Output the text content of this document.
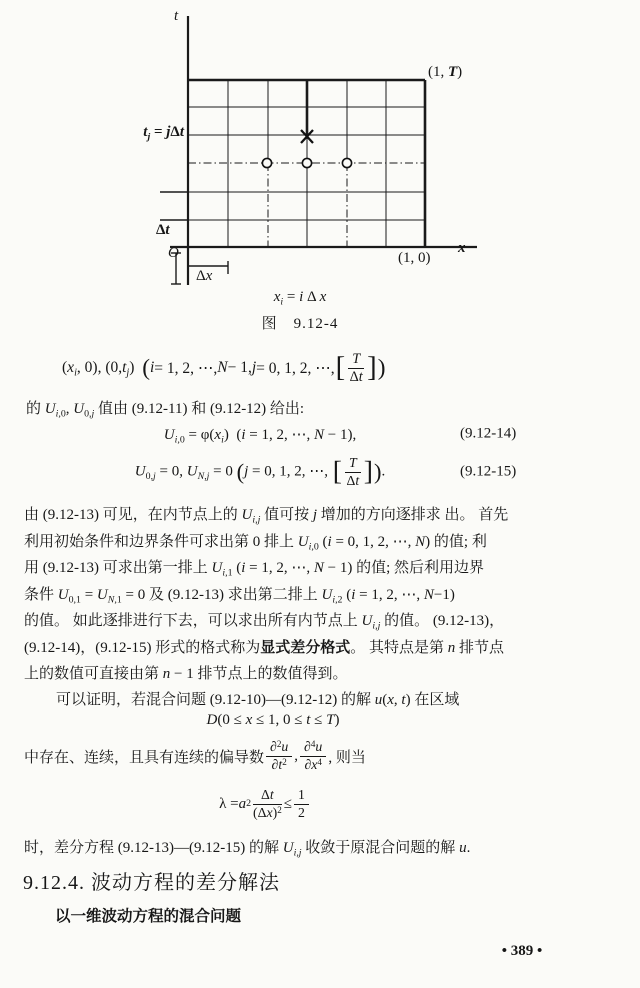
t
x
(1, T)
(1, 0)
$t_j = j\Delta t$
Δt
O
Δx
$x_i = i$ Δ x
图　9.12-4
( $x_i$ , 0), (0, $t_j$ ) ( i = 1, 2, ⋯, N − 1, j = 0, 1, 2, ⋯, [ $\frac{T}{\Delta t}$ ] )
的 $U_{i,0}$, $U_{0,j}$ 值由 (9.12-11) 和 (9.12-12) 给出:
$U_{i,0} = \varphi(x_i) (i = 1$, 2, ⋯, N − 1),	(9.12-14)
$U_{0,j} = 0$, $U_{N,j} = 0$ (j = 0, 1, 2, ⋯, [ $\frac{T}{\Delta t}$ ]).	(9.12-15)
由 (9.12-13) 可见，在内节点上的 $U_{i,j}$ 值可按 j 增加的方向逐排求 出。 首先
利用初始条件和边界条件可求出第 0 排上 $U_{i,0}$ (i = 0, 1, 2, ⋯, N) 的值; 利
用 (9.12-13) 可求出第一排上 $U_{i,1}$ (i = 1, 2, ⋯, N − 1) 的值; 然后利用边界
条件 $U_{0,1} = U_{N,1} = 0$ 及 (9.12-13) 求出第二排上 $U_{i,2}$ (i = 1, 2, ⋯, N−1)
的值。 如此逐排进行下去，可以求出所有内节点上 $U_{i,j}$ 的值。 (9.12-13)，
(9.12-14)，(9.12-15) 形式的格式称为显式差分格式。 其特点是第 n 排节点
上的数值可直接由第 n − 1 排节点上的数值得到。
可以证明，若混合问题 (9.12-10)—(9.12-12) 的解 u(x, t) 在区域
D(0 ≤ x ≤ 1, 0 ≤ t ≤ T)
中存在、连续，且具有连续的偏导数 $\frac{\partial^2u}{\partial t^2}$ , $\frac{\partial^4u}{\partial x^4}$ , 则当
λ = a $2 \frac{\Delta t}{(\Delta x)^2} \le \frac{1}{2}$
时，差分方程 (9.12-13)—(9.12-15) 的解 $U_{i,j}$ 收敛于原混合问题的解 u.
9.12.4. 波动方程的差分解法
以一维波动方程的混合问题
• 389 •
